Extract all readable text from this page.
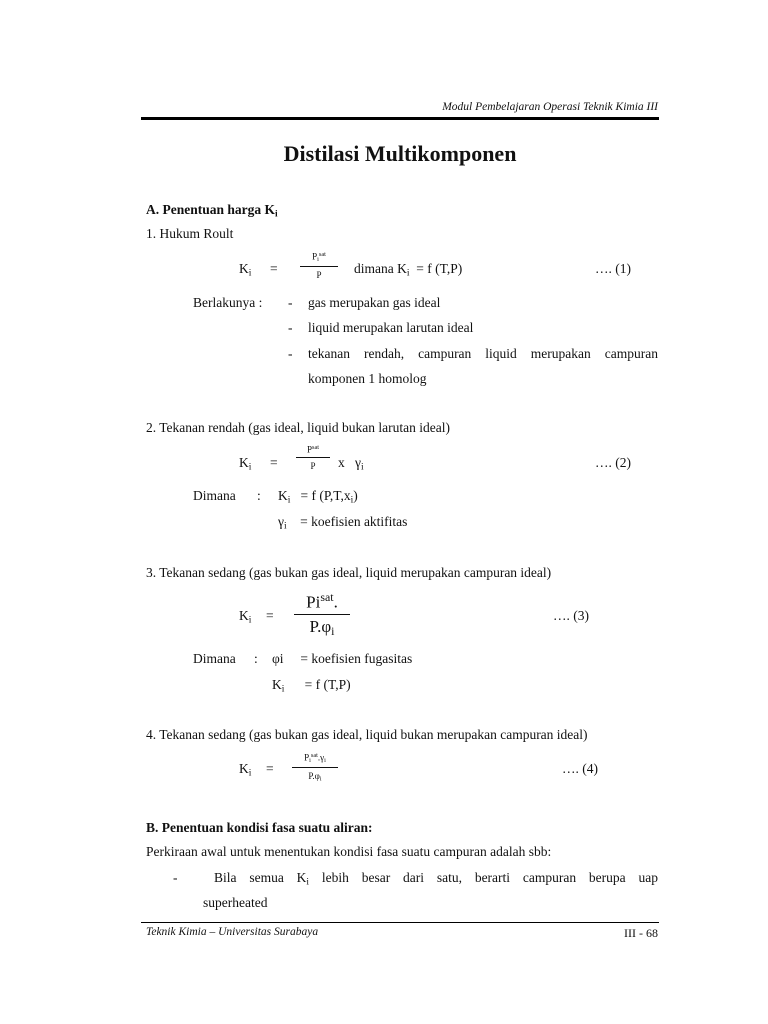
Modul Pembelajaran Operasi Teknik Kimia III
Distilasi Multikomponen
A. Penentuan harga $K_i$
1. Hukum Roult
$K_i$ =
$P_i^{sat}$
P dimana $K_i = f$ (T,P)	…. (1)
Berlakunya : - gas merupakan gas ideal
- liquid merupakan larutan ideal
- tekanan rendah, campuran liquid merupakan campuran
komponen 1 homolog
2. Tekanan rendah (gas ideal, liquid bukan larutan ideal)
$K_i$ =
$P^{sat}$
P x $\gamma_i$	…. (2)
Dimana : $K_i = f$ $(P,T,x_i)$
$\gamma_i$ = koefisien aktifitas
3. Tekanan sedang (gas bukan gas ideal, liquid merupakan campuran ideal)
$K_i$ =
$Pi^{sat}$.
$P.\varphi_i$
…. (3)
Dimana : φi = koefisien fugasitas
$K_i = f$ (T,P)
4. Tekanan sedang (gas bukan gas ideal, liquid bukan merupakan campuran ideal)
$K_i$ =
$P_i^{sat}.\gamma_i$
$P.\varphi_i$
…. (4)
B. Penentuan kondisi fasa suatu aliran:
Perkiraan awal untuk menentukan kondisi fasa suatu campuran adalah sbb:
-	Bila semua $K_i$ lebih besar dari satu, berarti campuran berupa uap
superheated
Teknik Kimia – Universitas Surabaya	III - 68
